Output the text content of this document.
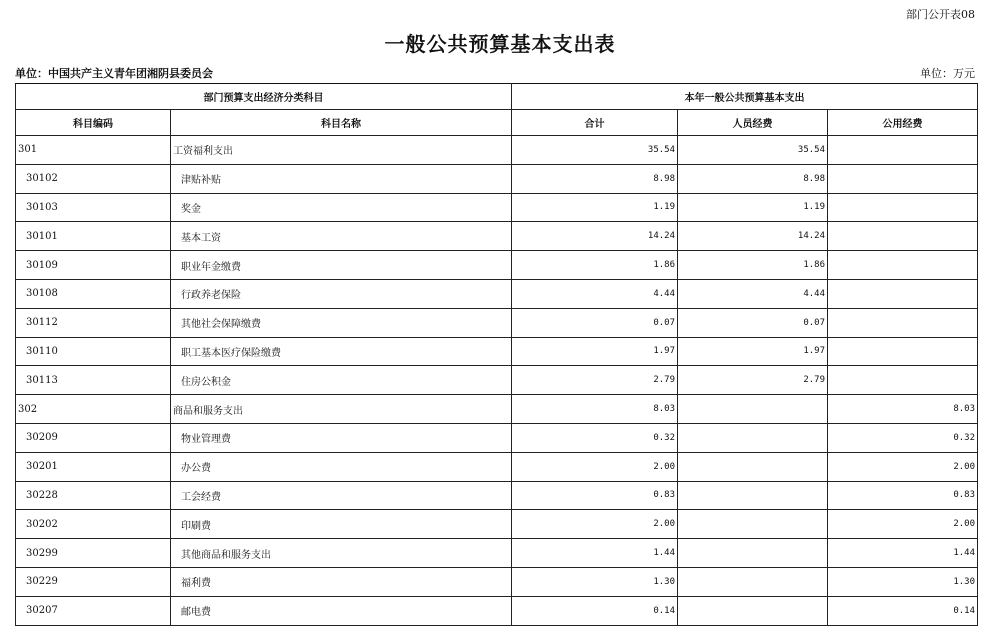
部门公开表08
一般公共预算基本支出表
单位：中国共产主义青年团湘阴县委员会	单位：万元
部门预算支出经济分类科目		本年一般公共预算基本支出		
科目编码	科目名称	合计	人员经费	公用经费
301	工资福利支出	35.54	35.54	
30102	津贴补贴	8.98	8.98	
30103	奖金	1.19	1.19	
30101	基本工资	14.24	14.24	
30109	职业年金缴费	1.86	1.86	
30108	行政养老保险	4.44	4.44	
30112	其他社会保障缴费	0.07	0.07	
30110	职工基本医疗保险缴费	1.97	1.97	
30113	住房公积金	2.79	2.79	
302	商品和服务支出	8.03		8.03
30209	物业管理费	0.32		0.32
30201	办公费	2.00		2.00
30228	工会经费	0.83		0.83
30202	印刷费	2.00		2.00
30299	其他商品和服务支出	1.44		1.44
30229	福利费	1.30		1.30
30207	邮电费	0.14		0.14
